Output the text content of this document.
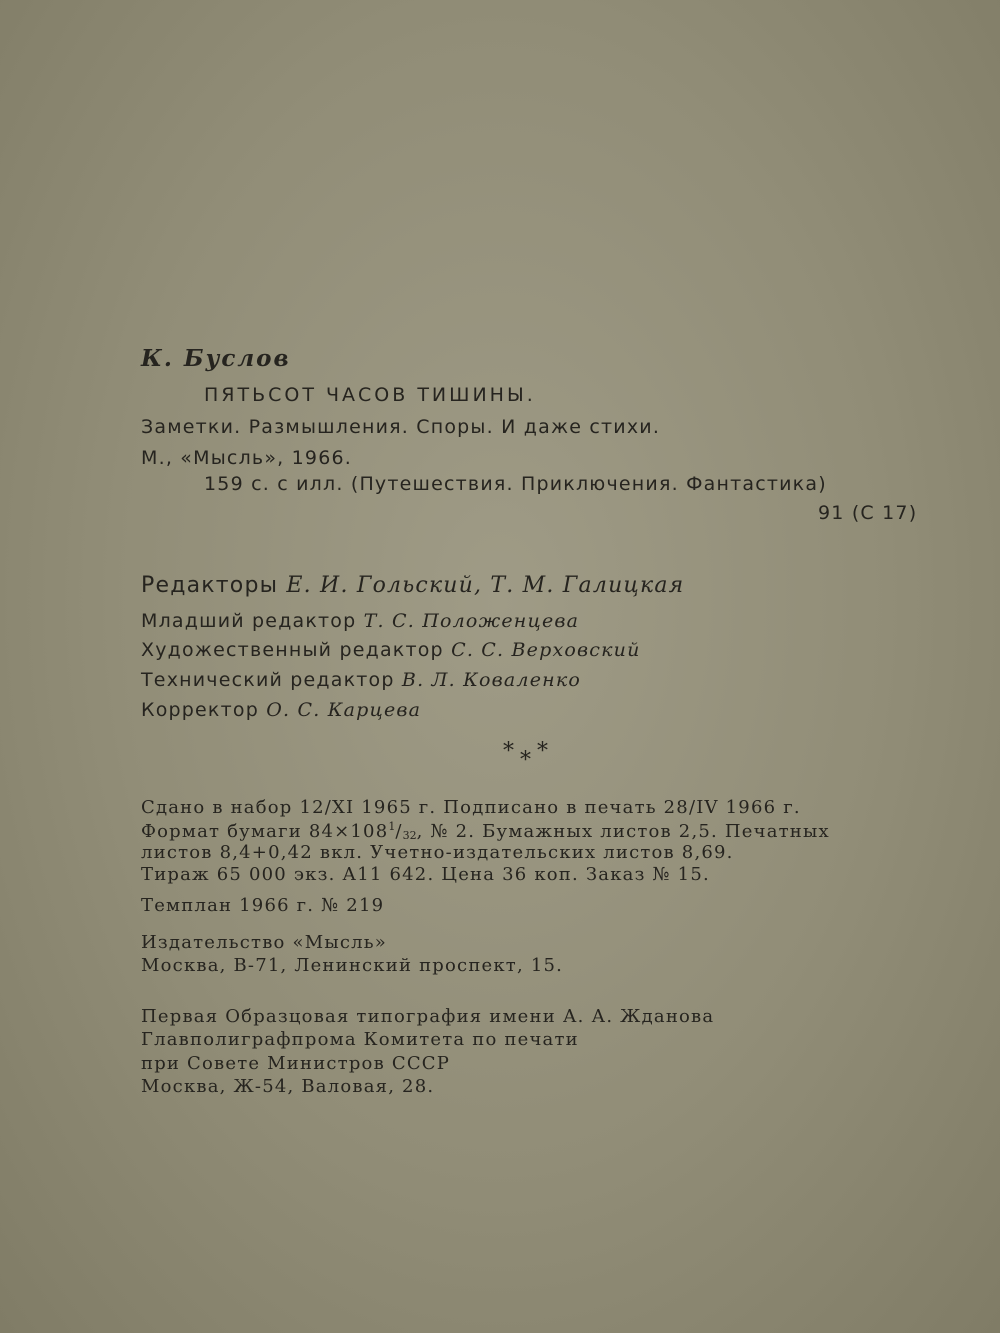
К. Буслов
ПЯТЬСОТ ЧАСОВ ТИШИНЫ.
Заметки. Размышления. Споры. И даже стихи.
М., «Мысль», 1966.
159 с. с илл. (Путешествия. Приключения. Фантастика)
91 (С 17)
Редакторы Е. И. Гольский, Т. М. Галицкая
Младший редактор Т. С. Положенцева
Художественный редактор С. С. Верховский
Технический редактор В. Л. Коваленко
Корректор О. С. Карцева
***
Сдано в набор 12/XI 1965 г. Подписано в печать 28/IV 1966 г.
Формат бумаги $84\times 108^1/_{32}$, № 2. Бумажных листов 2,5. Печатных
листов 8,4+0,42 вкл. Учетно-издательских листов 8,69.
Тираж 65 000 экз. А11 642. Цена 36 коп. Заказ № 15.
Темплан 1966 г. № 219
Издательство «Мысль»
Москва, В-71, Ленинский проспект, 15.
Первая Образцовая типография имени А. А. Жданова
Главполиграфпрома Комитета по печати
при Совете Министров СССР
Москва, Ж-54, Валовая, 28.
